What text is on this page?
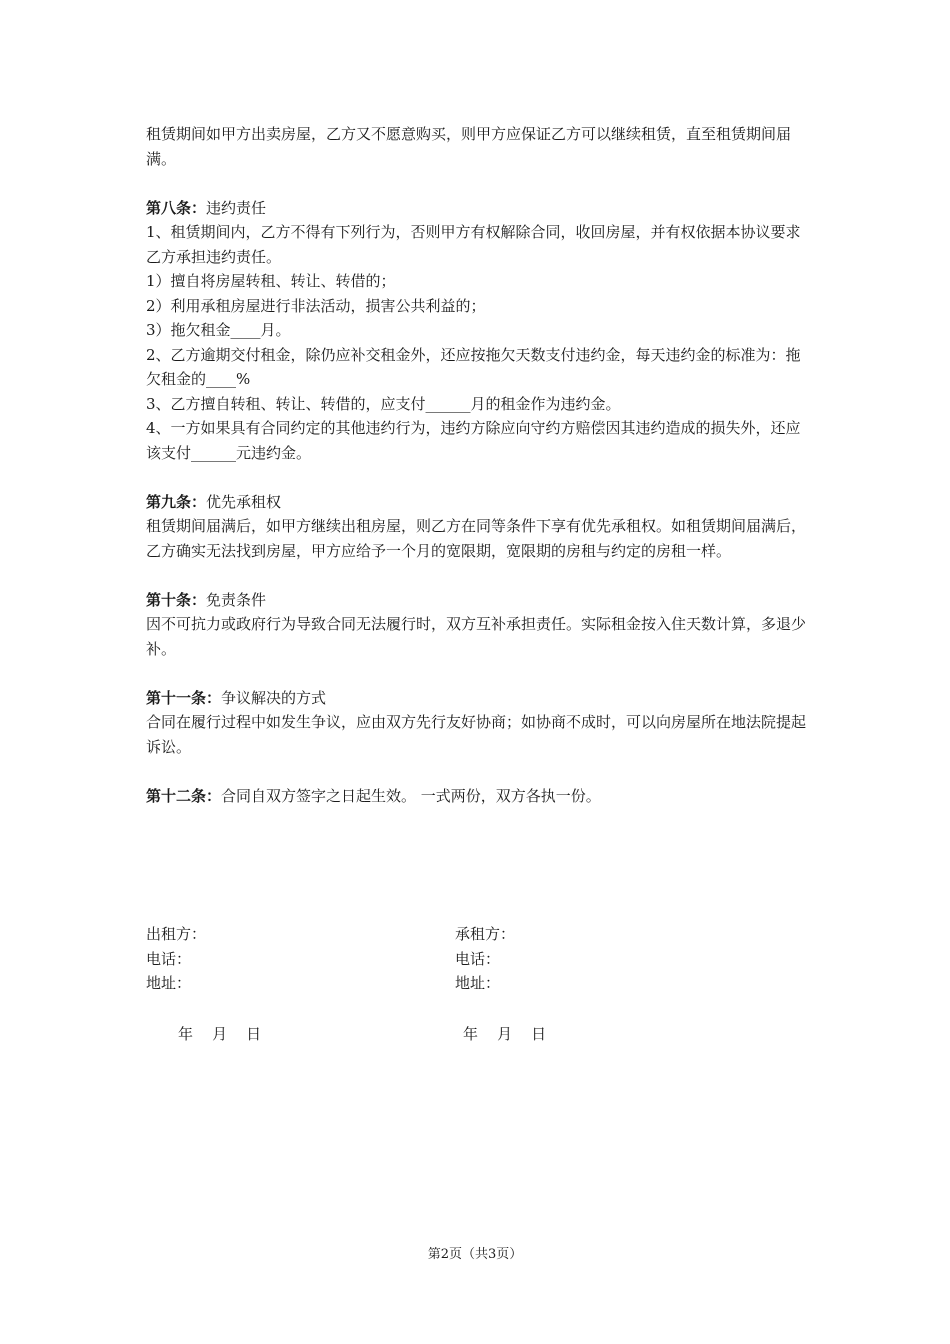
租赁期间如甲方出卖房屋，乙方又不愿意购买，则甲方应保证乙方可以继续租赁，直至租赁期间届满。

第八条：违约责任

1、租赁期间内，乙方不得有下列行为，否则甲方有权解除合同，收回房屋，并有权依据本协议要求乙方承担违约责任。

1）擅自将房屋转租、转让、转借的；

2）利用承租房屋进行非法活动，损害公共利益的；

3）拖欠租金____月。

2、乙方逾期交付租金，除仍应补交租金外，还应按拖欠天数支付违约金，每天违约金的标准为：拖欠租金的____%

3、乙方擅自转租、转让、转借的，应支付______月的租金作为违约金。

4、一方如果具有合同约定的其他违约行为，违约方除应向守约方赔偿因其违约造成的损失外，还应该支付______元违约金。

第九条：优先承租权

租赁期间届满后，如甲方继续出租房屋，则乙方在同等条件下享有优先承租权。如租赁期间届满后，乙方确实无法找到房屋，甲方应给予一个月的宽限期，宽限期的房租与约定的房租一样。

第十条：免责条件

因不可抗力或政府行为导致合同无法履行时，双方互补承担责任。实际租金按入住天数计算，多退少补。

第十一条：争议解决的方式

合同在履行过程中如发生争议，应由双方先行友好协商；如协商不成时，可以向房屋所在地法院提起诉讼。

第十二条：合同自双方签字之日起生效。 一式两份，双方各执一份。

出租方：

电话：

地址：

承租方：

电话：

地址：

年    月    日	年    月    日
第2页（共3页）
